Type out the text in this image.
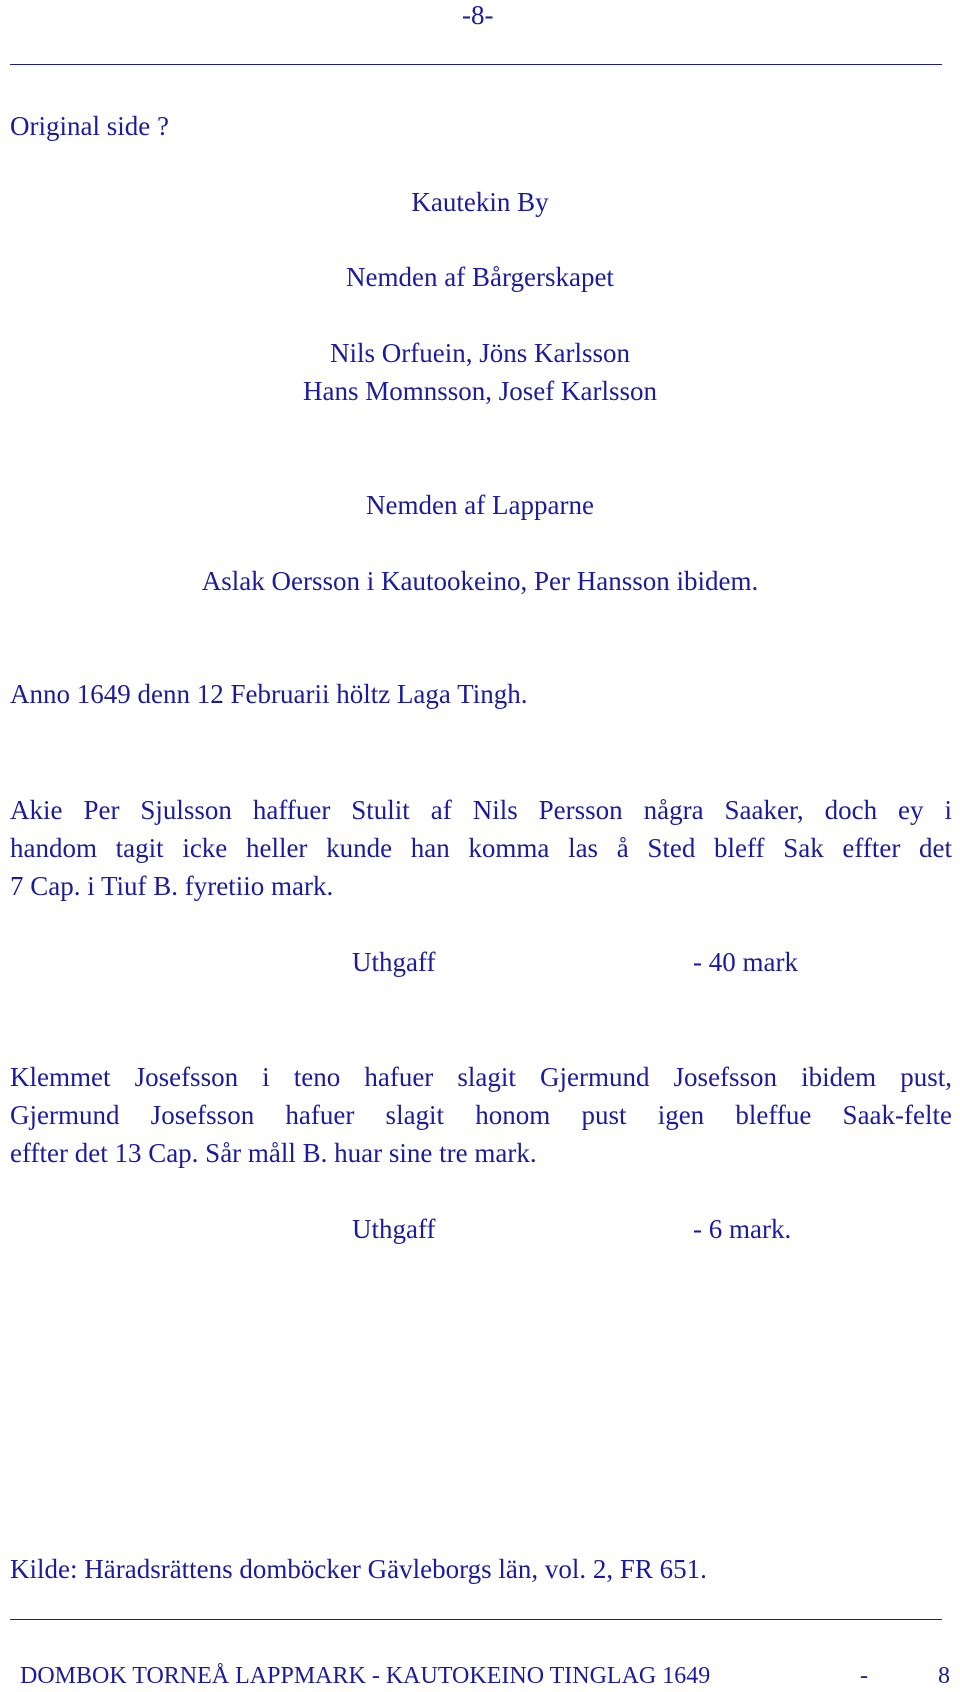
-8-
Original side ?
Kautekin By
Nemden af Bårgerskapet
Nils Orfuein, Jöns Karlsson
Hans Momnsson, Josef Karlsson
Nemden af Lapparne
Aslak Oersson i Kautookeino, Per Hansson ibidem.
Anno 1649 denn 12 Februarii höltz Laga Tingh.
Akie Per Sjulsson haffuer Stulit af Nils Persson några Saaker, doch ey i
handom tagit icke heller kunde han komma las å Sted bleff Sak effter det
7 Cap. i Tiuf B. fyretiio mark.
Uthgaff	- 40 mark
Klemmet Josefsson i teno hafuer slagit Gjermund Josefsson ibidem pust,
Gjermund Josefsson hafuer slagit honom pust igen bleffue Saak-felte
effter det 13 Cap. Sår måll B. huar sine tre mark.
Uthgaff	- 6 mark.
Kilde: Häradsrättens domböcker Gävleborgs län, vol. 2, FR 651.
DOMBOK TORNEÅ LAPPMARK - KAUTOKEINO TINGLAG 1649	-	8
